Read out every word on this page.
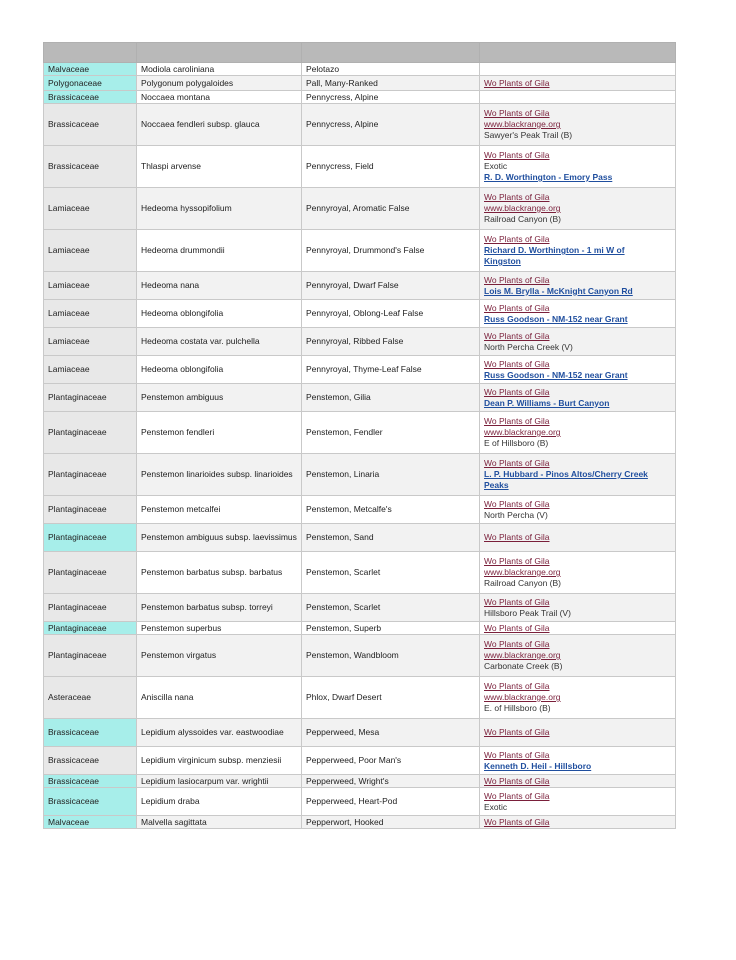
Malvaceae	Modiola caroliniana	Pelotazo	
Polygonaceae	Polygonum polygaloides	Pall, Many-Ranked	Wo Plants of Gila

Brassicaceae	Noccaea montana	Pennycress, Alpine	
Brassicaceae	Noccaea fendleri subsp. glauca	Pennycress, Alpine	Wo Plants of Gila
www.blackrange.org
Sawyer's Peak Trail (B)

Brassicaceae	Thlaspi arvense	Pennycress, Field	Wo Plants of Gila
Exotic
R. D. Worthington - Emory Pass

Lamiaceae	Hedeoma hyssopifolium	Pennyroyal, Aromatic False	Wo Plants of Gila
www.blackrange.org
Railroad Canyon (B)

Lamiaceae	Hedeoma drummondii	Pennyroyal, Drummond's False	Wo Plants of Gila
Richard D. Worthington - 1 mi W of
Kingston

Lamiaceae	Hedeoma nana	Pennyroyal, Dwarf False	Wo Plants of Gila
Lois M. Brylla - McKnight Canyon Rd

Lamiaceae	Hedeoma oblongifolia	Pennyroyal, Oblong-Leaf False	Wo Plants of Gila
Russ Goodson - NM-152 near Grant

Lamiaceae	Hedeoma costata var. pulchella	Pennyroyal, Ribbed False	Wo Plants of Gila
North Percha Creek (V)

Lamiaceae	Hedeoma oblongifolia	Pennyroyal, Thyme-Leaf False	Wo Plants of Gila
Russ Goodson - NM-152 near Grant

Plantaginaceae	Penstemon ambiguus	Penstemon, Gilia	Wo Plants of Gila
Dean P. Williams - Burt Canyon

Plantaginaceae	Penstemon fendleri	Penstemon, Fendler	Wo Plants of Gila
www.blackrange.org
E of Hillsboro (B)

Plantaginaceae	Penstemon linarioides subsp. linarioides	Penstemon, Linaria	Wo Plants of Gila
L. P. Hubbard - Pinos Altos/Cherry Creek
Peaks

Plantaginaceae	Penstemon metcalfei	Penstemon, Metcalfe's	Wo Plants of Gila
North Percha (V)

Plantaginaceae	Penstemon ambiguus subsp. laevissimus	Penstemon, Sand	Wo Plants of Gila

Plantaginaceae	Penstemon barbatus subsp. barbatus	Penstemon, Scarlet	Wo Plants of Gila
www.blackrange.org
Railroad Canyon (B)

Plantaginaceae	Penstemon barbatus subsp. torreyi	Penstemon, Scarlet	Wo Plants of Gila
Hillsboro Peak Trail (V)

Plantaginaceae	Penstemon superbus	Penstemon, Superb	Wo Plants of Gila

Plantaginaceae	Penstemon virgatus	Penstemon, Wandbloom	Wo Plants of Gila
www.blackrange.org
Carbonate Creek (B)

Asteraceae	Aniscilla nana	Phlox, Dwarf Desert	Wo Plants of Gila
www.blackrange.org
E. of Hillsboro (B)

Brassicaceae	Lepidium alyssoides var. eastwoodiae	Pepperweed, Mesa	Wo Plants of Gila

Brassicaceae	Lepidium virginicum subsp. menziesii	Pepperweed, Poor Man's	Wo Plants of Gila
Kenneth D. Heil - Hillsboro

Brassicaceae	Lepidium lasiocarpum var. wrightii	Pepperweed, Wright's	Wo Plants of Gila

Brassicaceae	Lepidium draba	Pepperweed, Heart-Pod	Wo Plants of Gila
Exotic

Malvaceae	Malvella sagittata	Pepperwort, Hooked	Wo Plants of Gila
